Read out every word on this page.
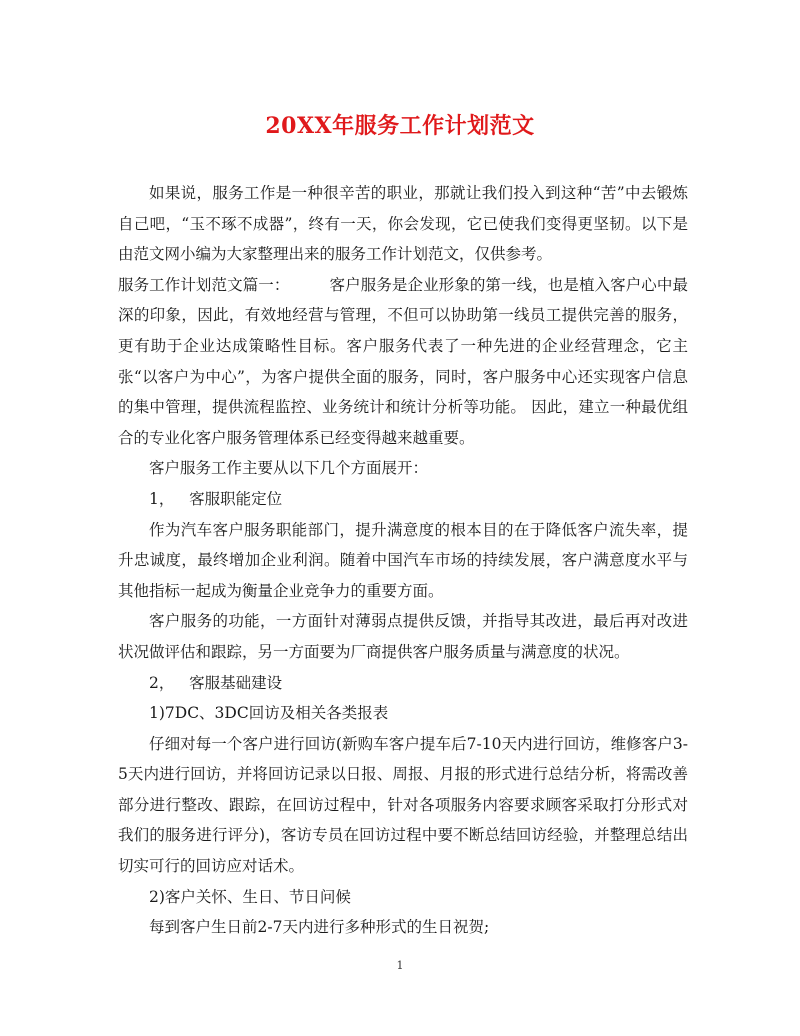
20XX年服务工作计划范文

如果说，服务工作是一种很辛苦的职业，那就让我们投入到这种“苦”中去锻炼自己吧，“玉不琢不成器”，终有一天，你会发现，它已使我们变得更坚韧。以下是由范文网小编为大家整理出来的服务工作计划范文，仅供参考。

服务工作计划范文篇一：	客户服务是企业形象的第一线，也是植入客户心中最深的印象，因此，有效地经营与管理，不但可以协助第一线员工提供完善的服务，更有助于企业达成策略性目标。客户服务代表了一种先进的企业经营理念，它主张“以客户为中心”，为客户提供全面的服务，同时，客户服务中心还实现客户信息的集中管理，提供流程监控、业务统计和统计分析等功能。 因此，建立一种最优组合的专业化客户服务管理体系已经变得越来越重要。

客户服务工作主要从以下几个方面展开：

1，   客服职能定位

作为汽车客户服务职能部门，提升满意度的根本目的在于降低客户流失率，提升忠诚度，最终增加企业利润。随着中国汽车市场的持续发展，客户满意度水平与其他指标一起成为衡量企业竞争力的重要方面。

客户服务的功能，一方面针对薄弱点提供反馈，并指导其改进，最后再对改进状况做评估和跟踪，另一方面要为厂商提供客户服务质量与满意度的状况。

2，   客服基础建设

1)7DC、3DC回访及相关各类报表

仔细对每一个客户进行回访(新购车客户提车后7-10天内进行回访，维修客户3-5天内进行回访，并将回访记录以日报、周报、月报的形式进行总结分析，将需改善部分进行整改、跟踪，在回访过程中，针对各项服务内容要求顾客采取打分形式对我们的服务进行评分)，客访专员在回访过程中要不断总结回访经验，并整理总结出切实可行的回访应对话术。

2)客户关怀、生日、节日问候

每到客户生日前2-7天内进行多种形式的生日祝贺;

1
